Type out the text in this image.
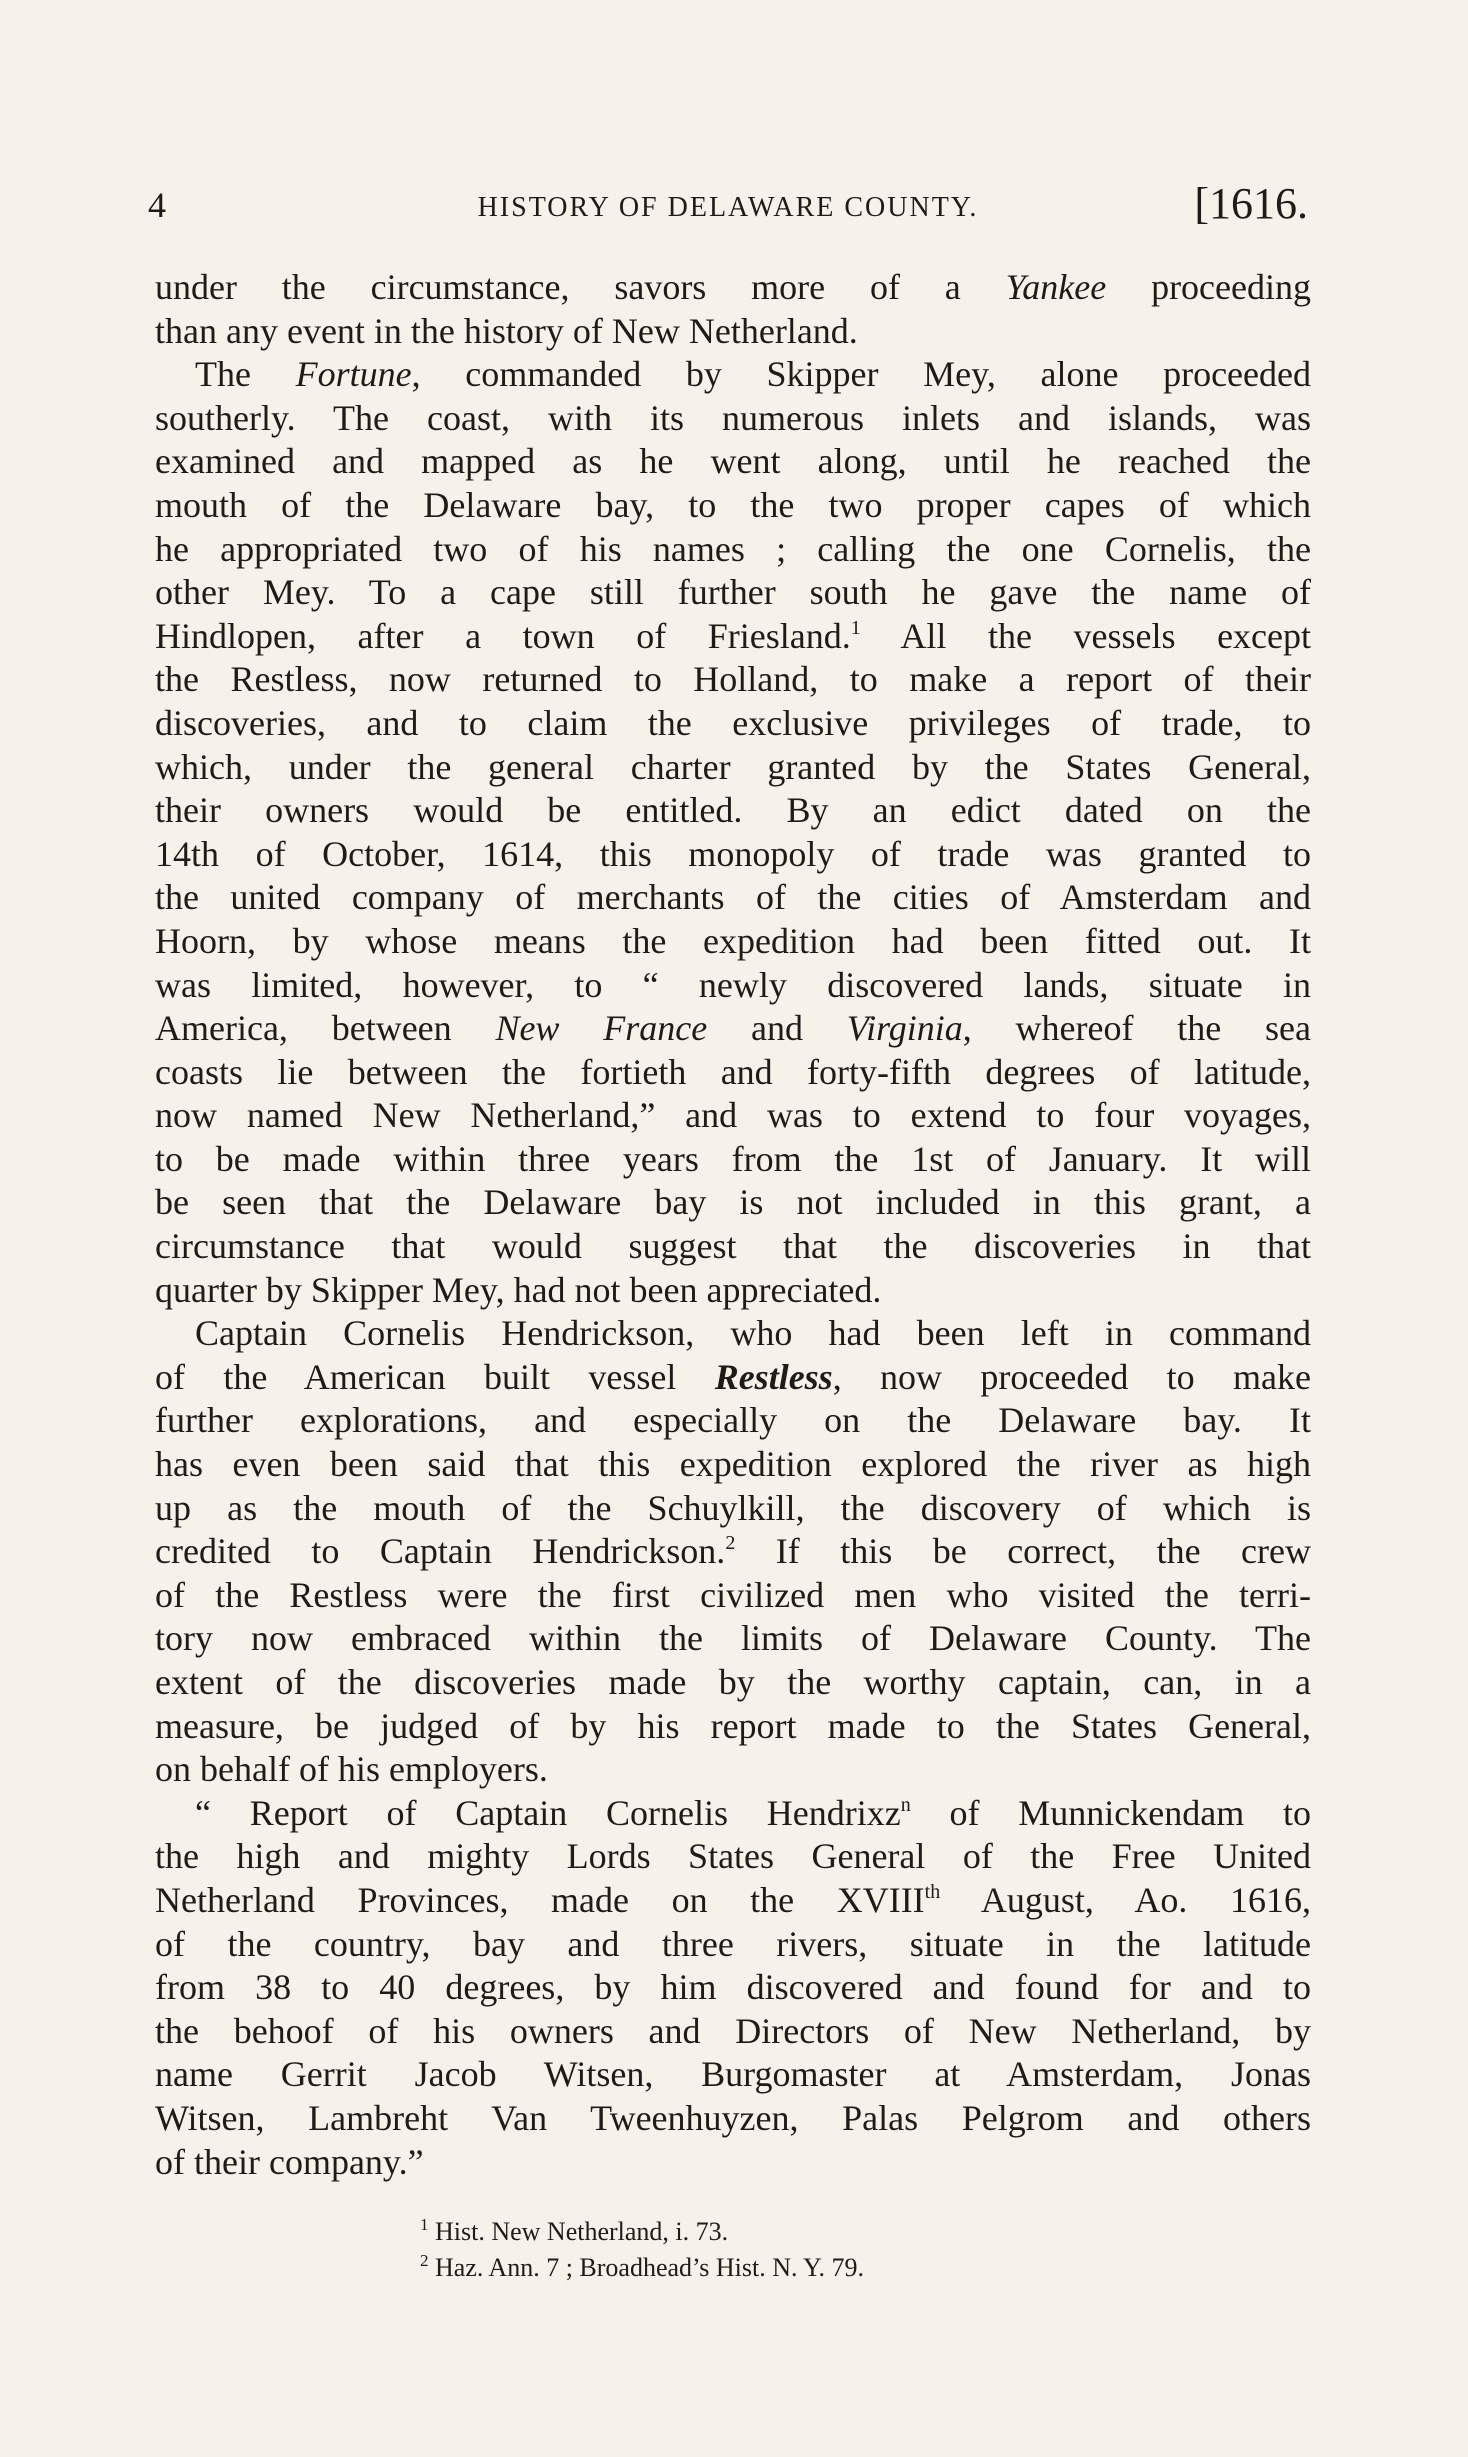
4	HISTORY OF DELAWARE COUNTY.	[1616.
under the circumstance, savors more of a Yankee proceeding
than any event in the history of New Netherland.
The Fortune, commanded by Skipper Mey, alone proceeded
southerly. The coast, with its numerous inlets and islands, was
examined and mapped as he went along, until he reached the
mouth of the Delaware bay, to the two proper capes of which
he appropriated two of his names ; calling the one Cornelis, the
other Mey. To a cape still further south he gave the name of
Hindlopen, after a town of Friesland.$^1$ All the vessels except
the Restless, now returned to Holland, to make a report of their
discoveries, and to claim the exclusive privileges of trade, to
which, under the general charter granted by the States General,
their owners would be entitled. By an edict dated on the
14th of October, 1614, this monopoly of trade was granted to
the united company of merchants of the cities of Amsterdam and
Hoorn, by whose means the expedition had been fitted out. It
was limited, however, to “ newly discovered lands, situate in
America, between New France and Virginia, whereof the sea
coasts lie between the fortieth and forty-fifth degrees of latitude,
now named New Netherland,” and was to extend to four voyages,
to be made within three years from the 1st of January. It will
be seen that the Delaware bay is not included in this grant, a
circumstance that would suggest that the discoveries in that
quarter by Skipper Mey, had not been appreciated.
Captain Cornelis Hendrickson, who had been left in command
of the American built vessel Restless, now proceeded to make
further explorations, and especially on the Delaware bay. It
has even been said that this expedition explored the river as high
up as the mouth of the Schuylkill, the discovery of which is
credited to Captain Hendrickson.$^2$ If this be correct, the crew
of the Restless were the first civilized men who visited the terri-
tory now embraced within the limits of Delaware County. The
extent of the discoveries made by the worthy captain, can, in a
measure, be judged of by his report made to the States General,
on behalf of his employers.
“ Report of Captain Cornelis Hendrixz$^n$ of Munnickendam to
the high and mighty Lords States General of the Free United
Netherland Provinces, made on the XVIIIth August, Ao. 1616,
of the country, bay and three rivers, situate in the latitude
from 38 to 40 degrees, by him discovered and found for and to
the behoof of his owners and Directors of New Netherland, by
name Gerrit Jacob Witsen, Burgomaster at Amsterdam, Jonas
Witsen, Lambreht Van Tweenhuyzen, Palas Pelgrom and others
of their company.”
$^1$ Hist. New Netherland, i. 73.
$^2$ Haz. Ann. 7 ; Broadhead’s Hist. N. Y. 79.
